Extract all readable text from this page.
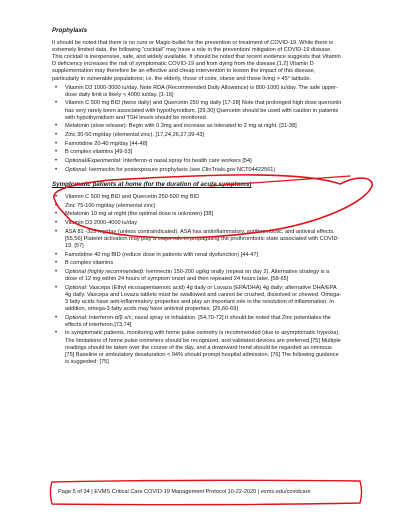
Prophylaxis
It should be noted that there is no cure or Magic-bullet for the prevention or treatment of COVID-19. While there is extremely limited data, the following “cocktail” may have a role in the prevention/ mitigation of COVID-19 disease. This cocktail is inexpensive, safe, and widely available. It should be noted that recent evidence suggests that Vitamin D deficiency increases the risk of symptomatic COVID-19 and from dying from the disease.[1,2] Vitamin D supplementation may therefore be an effective and cheap intervention to lessen the impact of this disease, particularly in vulnerable populations; i.e. the elderly, those of color, obese and those living > 45° latitude.
• Vitamin D3 1000-3000 iu/day. Note RDA (Recommended Daily Allowance) is 800-1000 iu/day. The safe upper-dose daily limit is likely < 4000 iu/day. [1-16]
• Vitamin C 500 mg BID (twice daily) and Quercetin 250 mg daily [17-28] Note that prolonged high dose quercetin has very rarely been associated with hypothyroidism. [29,30] Quercetin should be used with caution in patients with hypothyroidism and TSH levels should be monitored.
• Melatonin (slow release): Begin with 0.3mg and increase as tolerated to 2 mg at night. [31-38]
• Zinc 30-50 mg/day (elemental zinc). [17,24,26,27,39-43]
• Famotidine 20-40 mg/day [44-48]
• B complex vitamins [49-53]
• Optional/Experimental: Interferon-α nasal spray for health care workers [54]
• Optional: Ivermectin for postexposure prophylaxis (see ClinTrials.gov NCT04422561)
Symptomatic patients at home (for the duration of acute symptoms)
• Vitamin C 500 mg BID and Quercetin 250-500 mg BID
• Zinc 75-100 mg/day (elemental zinc)
• Melatonin 10 mg at night (the optimal dose is unknown) [38]
• Vitamin D3 2000-4000 iu/day
• ASA 81 -325 mg/day (unless contraindicated). ASA has antiinflammatory, antithrombotic, and antiviral effects.[55,56] Platelet activation may play a major role in propagating the prothrombotic state associated with COVID-19. [57]
• Famotidine 40 mg BID (reduce dose in patients with renal dysfunction) [44-47]
• B complex vitamins
• Optional (highly recommended): Ivermectin 150-200 ug/kg orally (repeat on day 2). Alternative strategy is a dose of 12 mg within 24 hours of symptom onset and then repeated 24 hours later. [58-65]
• Optional: Vascepa (Ethyl eicosapentaenoic acid) 4g daily or Lovaza (EPA/DHA) 4g daily; alternative DHA/EPA 4g daily. Vascepa and Lovaza tablets must be swallowed and cannot be crushed, dissolved or chewed. Omega-3 fatty acids have anti-inflammatory properties and play an important role in the resolution of inflammation. In addition, omega-3 fatty acids may have antiviral properties. [26,66-69]
• Optional: Interferon-α/β s/c, nasal spray or inhalation. [54,70-72] It should be noted that Zinc potentiates the effects of interferon.[73,74]
• In symptomatic patients, monitoring with home pulse oximetry is recommended (due to asymptomatic hypoxia). The limitations of home pulse oximeters should be recognized, and validated devices are preferred.[75] Multiple readings should be taken over the course of the day, and a downward trend should be regarded as ominous.[75] Baseline or ambulatory desaturation < 94% should prompt hospital admission. [76] The following guidance is suggested: [75]
Page 5 of 34 | EVMS Critical Care COVID-19 Management Protocol 10-22-2020 | evms.edu/covidcare
